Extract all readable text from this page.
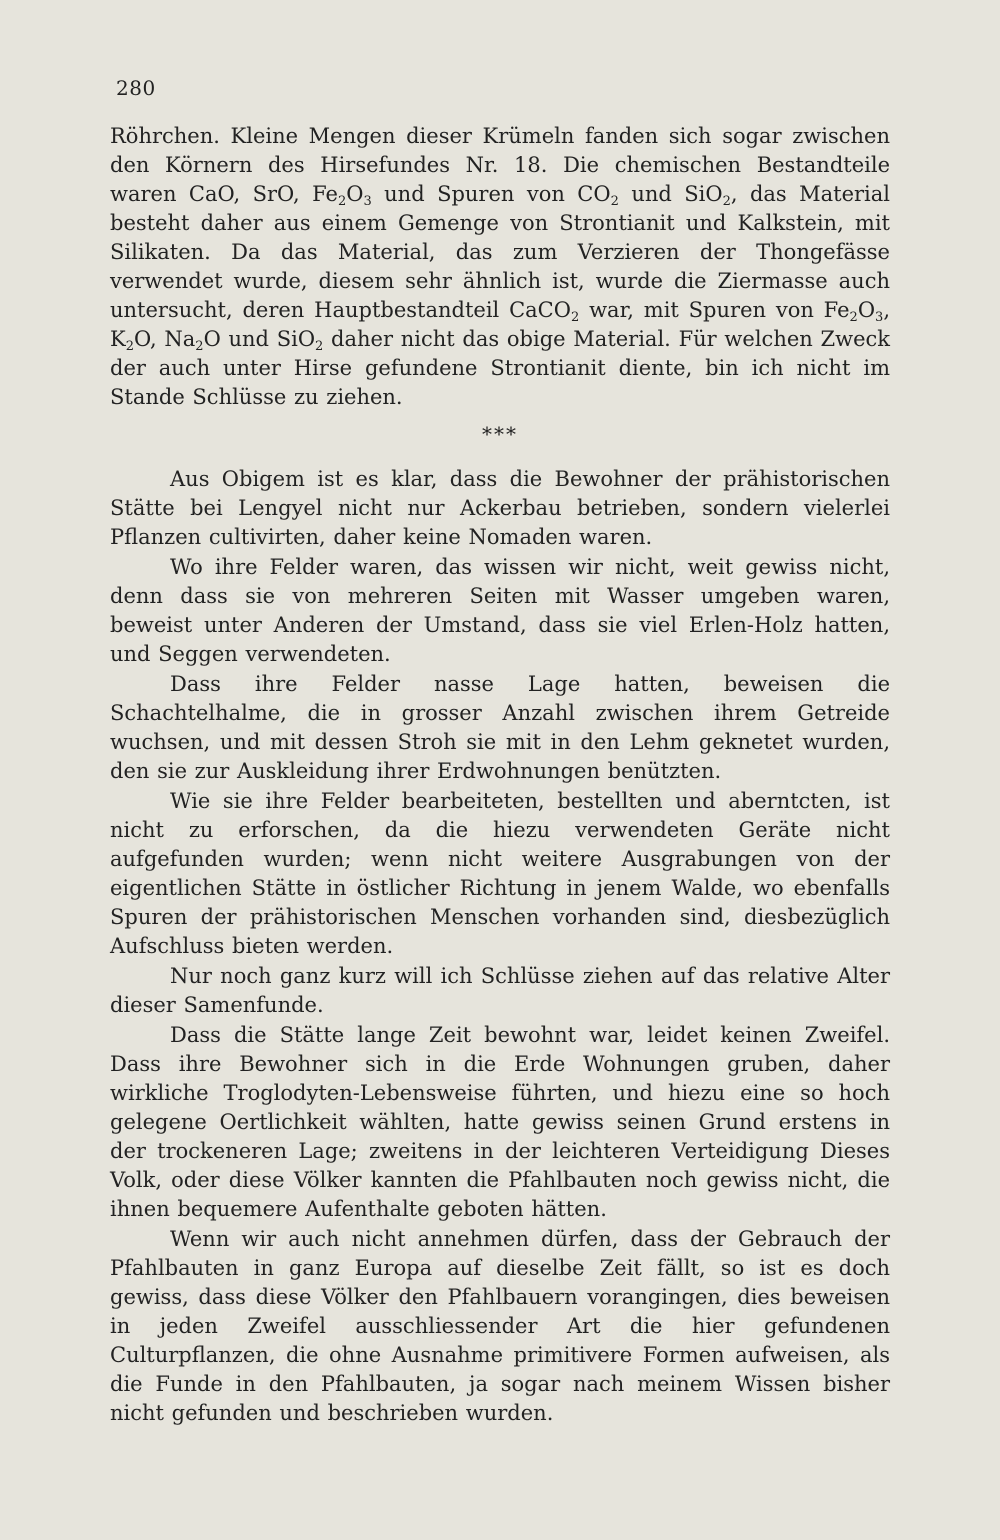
280

Röhrchen. Kleine Mengen dieser Krümeln fanden sich sogar zwischen den Körnern des Hirsefundes Nr. 18. Die chemischen Bestandteile waren CaO, SrO, $Fe_2O_3$ und Spuren von $CO_2$ und SiO$_2$, das Material besteht daher aus einem Gemenge von Strontianit und Kalkstein, mit Silikaten. Da das Material, das zum Verzieren der Thongefässe verwendet wurde, diesem sehr ähnlich ist, wurde die Ziermasse auch untersucht, deren Hauptbestandteil CaCO$_2$ war, mit Spuren von $Fe_2O_3$, $K_2O$, $Na_2O$ und SiO$_2$ daher nicht das obige Material. Für welchen Zweck der auch unter Hirse gefundene Strontianit diente, bin ich nicht im Stande Schlüsse zu ziehen.

***

Aus Obigem ist es klar, dass die Bewohner der prähistorischen Stätte bei Lengyel nicht nur Ackerbau betrieben, sondern vielerlei Pflanzen cultivirten, daher keine Nomaden waren.

Wo ihre Felder waren, das wissen wir nicht, weit gewiss nicht, denn dass sie von mehreren Seiten mit Wasser umgeben waren, beweist unter Anderen der Umstand, dass sie viel Erlen-Holz hatten, und Seggen verwendeten.

Dass ihre Felder nasse Lage hatten, beweisen die Schachtelhalme, die in grosser Anzahl zwischen ihrem Getreide wuchsen, und mit dessen Stroh sie mit in den Lehm geknetet wurden, den sie zur Auskleidung ihrer Erdwohnungen benützten.

Wie sie ihre Felder bearbeiteten, bestellten und aberntcten, ist nicht zu erforschen, da die hiezu verwendeten Geräte nicht aufgefunden wurden; wenn nicht weitere Ausgrabungen von der eigentlichen Stätte in östlicher Richtung in jenem Walde, wo ebenfalls Spuren der prähistorischen Menschen vorhanden sind, diesbezüglich Aufschluss bieten werden.

Nur noch ganz kurz will ich Schlüsse ziehen auf das relative Alter dieser Samenfunde.

Dass die Stätte lange Zeit bewohnt war, leidet keinen Zweifel. Dass ihre Bewohner sich in die Erde Wohnungen gruben, daher wirkliche Troglodyten-Lebensweise führten, und hiezu eine so hoch gelegene Oertlichkeit wählten, hatte gewiss seinen Grund erstens in der trockeneren Lage; zweitens in der leichteren Verteidigung Dieses Volk, oder diese Völker kannten die Pfahlbauten noch gewiss nicht, die ihnen bequemere Aufenthalte geboten hätten.

Wenn wir auch nicht annehmen dürfen, dass der Gebrauch der Pfahlbauten in ganz Europa auf dieselbe Zeit fällt, so ist es doch gewiss, dass diese Völker den Pfahlbauern vorangingen, dies beweisen in jeden Zweifel ausschliessender Art die hier gefundenen Culturpflanzen, die ohne Ausnahme primitivere Formen aufweisen, als die Funde in den Pfahlbauten, ja sogar nach meinem Wissen bisher nicht gefunden und beschrieben wurden.
